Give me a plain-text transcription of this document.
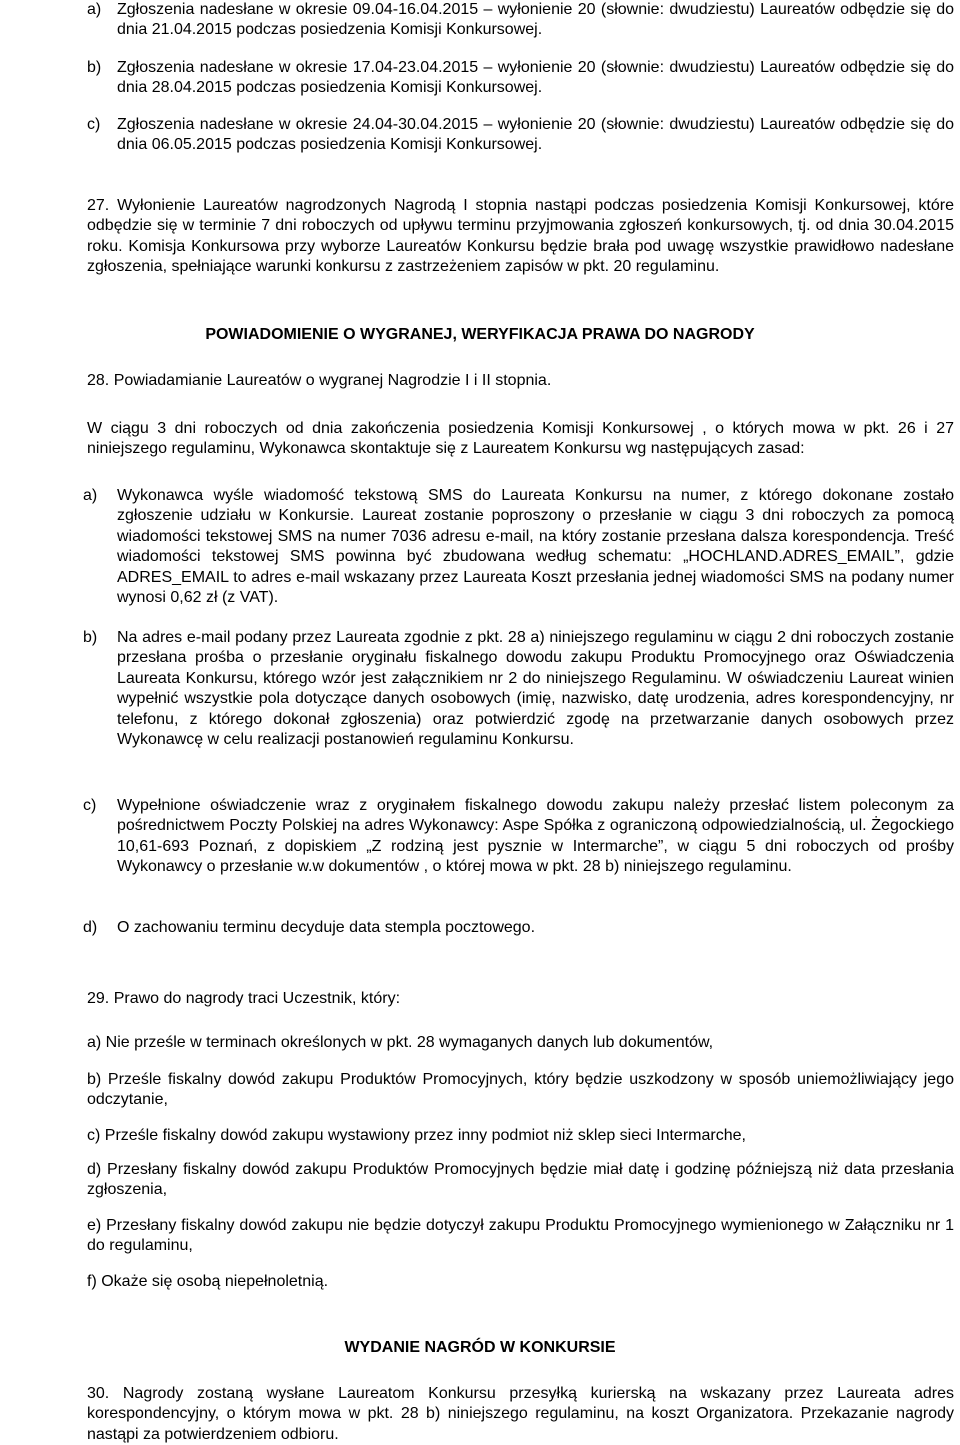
a) Zgłoszenia nadesłane w okresie 09.04-16.04.2015 – wyłonienie 20 (słownie: dwudziestu) Laureatów odbędzie się do dnia 21.04.2015 podczas posiedzenia Komisji Konkursowej.

b) Zgłoszenia nadesłane w okresie 17.04-23.04.2015 – wyłonienie 20 (słownie: dwudziestu) Laureatów odbędzie się do dnia 28.04.2015 podczas posiedzenia Komisji Konkursowej.

c) Zgłoszenia nadesłane w okresie 24.04-30.04.2015 – wyłonienie 20 (słownie: dwudziestu) Laureatów odbędzie się do dnia 06.05.2015 podczas posiedzenia Komisji Konkursowej.

27. Wyłonienie Laureatów nagrodzonych Nagrodą I stopnia nastąpi podczas posiedzenia Komisji Konkursowej, które odbędzie się w terminie 7 dni roboczych od upływu terminu przyjmowania zgłoszeń konkursowych, tj. od dnia 30.04.2015 roku. Komisja Konkursowa przy wyborze Laureatów Konkursu będzie brała pod uwagę wszystkie prawidłowo nadesłane zgłoszenia, spełniające warunki konkursu z zastrzeżeniem zapisów w pkt. 20 regulaminu.

POWIADOMIENIE O WYGRANEJ, WERYFIKACJA PRAWA DO NAGRODY

28. Powiadamianie Laureatów o wygranej Nagrodzie I i II stopnia.

W ciągu 3 dni roboczych od dnia zakończenia posiedzenia Komisji Konkursowej , o których mowa w pkt. 26 i 27 niniejszego regulaminu, Wykonawca skontaktuje się z Laureatem Konkursu wg następujących zasad:

a) Wykonawca wyśle wiadomość tekstową SMS do Laureata Konkursu na numer, z którego dokonane zostało zgłoszenie udziału w Konkursie. Laureat zostanie poproszony o przesłanie w ciągu 3 dni roboczych za pomocą wiadomości tekstowej SMS na numer 7036 adresu e-mail, na który zostanie przesłana dalsza korespondencja. Treść wiadomości tekstowej SMS powinna być zbudowana według schematu: „HOCHLAND.ADRES_EMAIL”, gdzie ADRES_EMAIL to adres e-mail wskazany przez Laureata Koszt przesłania jednej wiadomości SMS na podany numer wynosi 0,62 zł (z VAT).

b) Na adres e-mail podany przez Laureata zgodnie z pkt. 28 a) niniejszego regulaminu w ciągu 2 dni roboczych zostanie przesłana prośba o przesłanie oryginału fiskalnego dowodu zakupu Produktu Promocyjnego oraz Oświadczenia Laureata Konkursu, którego wzór jest załącznikiem nr 2 do niniejszego Regulaminu. W oświadczeniu Laureat winien wypełnić wszystkie pola dotyczące danych osobowych (imię, nazwisko, datę urodzenia, adres korespondencyjny, nr telefonu, z którego dokonał zgłoszenia) oraz potwierdzić zgodę na przetwarzanie danych osobowych przez Wykonawcę w celu realizacji postanowień regulaminu Konkursu.

c) Wypełnione oświadczenie wraz z oryginałem fiskalnego dowodu zakupu należy przesłać listem poleconym za pośrednictwem Poczty Polskiej na adres Wykonawcy: Aspe Spółka z ograniczoną odpowiedzialnością, ul. Żegockiego 10,61-693 Poznań, z dopiskiem „Z rodziną jest pysznie w Intermarche”, w ciągu 5 dni roboczych od prośby Wykonawcy o przesłanie w.w dokumentów , o której mowa w pkt. 28 b) niniejszego regulaminu.

d) O zachowaniu terminu decyduje data stempla pocztowego.

29. Prawo do nagrody traci Uczestnik, który:

a) Nie prześle w terminach określonych w pkt. 28 wymaganych danych lub dokumentów,

b) Prześle fiskalny dowód zakupu Produktów Promocyjnych, który będzie uszkodzony w sposób uniemożliwiający jego odczytanie,

c) Prześle fiskalny dowód zakupu wystawiony przez inny podmiot niż sklep sieci Intermarche,

d) Przesłany fiskalny dowód zakupu Produktów Promocyjnych będzie miał datę i godzinę późniejszą niż data przesłania zgłoszenia,

e) Przesłany fiskalny dowód zakupu nie będzie dotyczył zakupu Produktu Promocyjnego wymienionego w Załączniku nr 1 do regulaminu,

f) Okaże się osobą niepełnoletnią.

WYDANIE NAGRÓD W KONKURSIE

30. Nagrody zostaną wysłane Laureatom Konkursu przesyłką kurierską na wskazany przez Laureata adres korespondencyjny, o którym mowa w pkt. 28 b) niniejszego regulaminu, na koszt Organizatora. Przekazanie nagrody nastąpi za potwierdzeniem odbioru.
